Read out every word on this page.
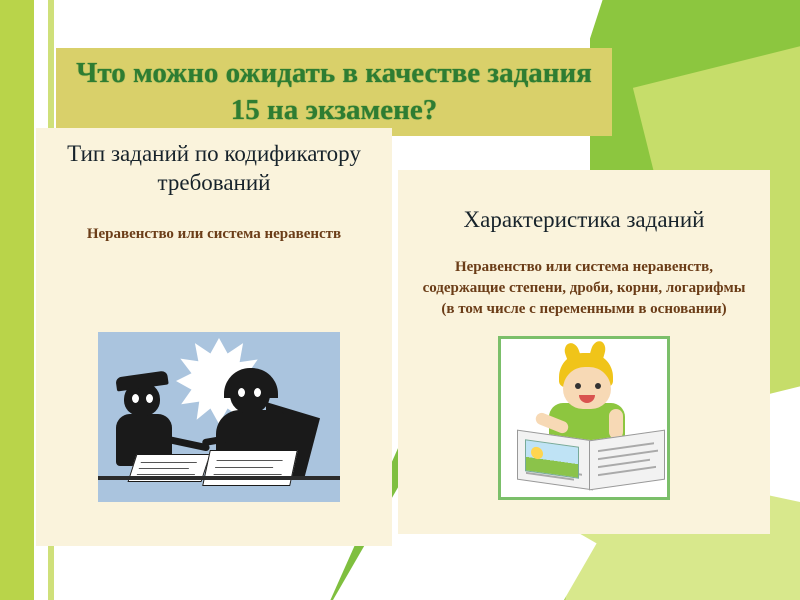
Что можно ожидать в качестве задания 15 на экзамене?
Тип заданий по кодификатору требований
Неравенство или система неравенств
Характеристика заданий
Неравенство или система неравенств, содержащие степени, дроби, корни, логарифмы (в том числе с переменными в основании)
